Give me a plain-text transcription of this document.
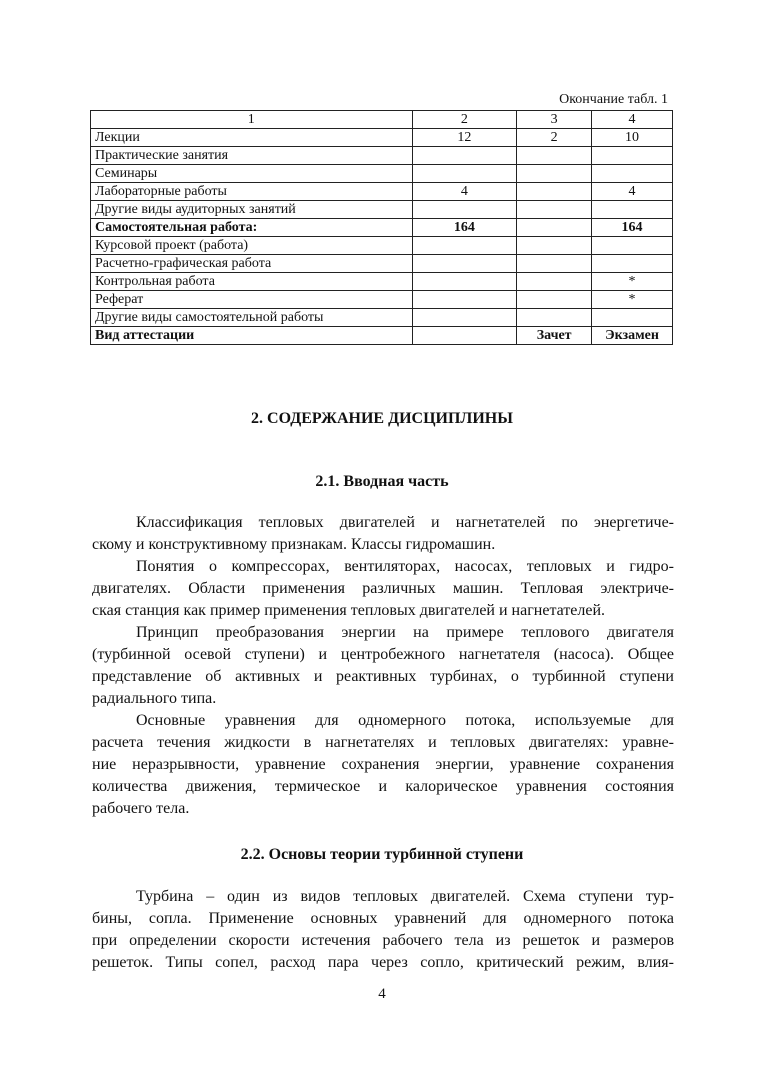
Окончание табл. 1
1	2	3	4
Лекции	12	2	10
Практические занятия			
Семинары			
Лабораторные работы	4		4
Другие виды аудиторных занятий			
Самостоятельная работа:	164		164
Курсовой проект (работа)			
Расчетно-графическая работа			
Контрольная работа			*
Реферат			*
Другие виды самостоятельной работы			
Вид аттестации		Зачет	Экзамен
2. СОДЕРЖАНИЕ ДИСЦИПЛИНЫ
2.1. Вводная часть
Классификация тепловых двигателей и нагнетателей по энергетиче-
скому и конструктивному признакам. Классы гидромашин.
Понятия о компрессорах, вентиляторах, насосах, тепловых и гидро-
двигателях. Области применения различных машин. Тепловая электриче-
ская станция как пример применения тепловых двигателей и нагнетателей.
Принцип преобразования энергии на примере теплового двигателя
(турбинной осевой ступени) и центробежного нагнетателя (насоса). Общее
представление об активных и реактивных турбинах, о турбинной ступени
радиального типа.
Основные уравнения для одномерного потока, используемые для
расчета течения жидкости в нагнетателях и тепловых двигателях: уравне-
ние неразрывности, уравнение сохранения энергии, уравнение сохранения
количества движения, термическое и калорическое уравнения состояния
рабочего тела.
2.2. Основы теории турбинной ступени
Турбина – один из видов тепловых двигателей. Схема ступени тур-
бины, сопла. Применение основных уравнений для одномерного потока
при определении скорости истечения рабочего тела из решеток и размеров
решеток. Типы сопел, расход пара через сопло, критический режим, влия-
4
